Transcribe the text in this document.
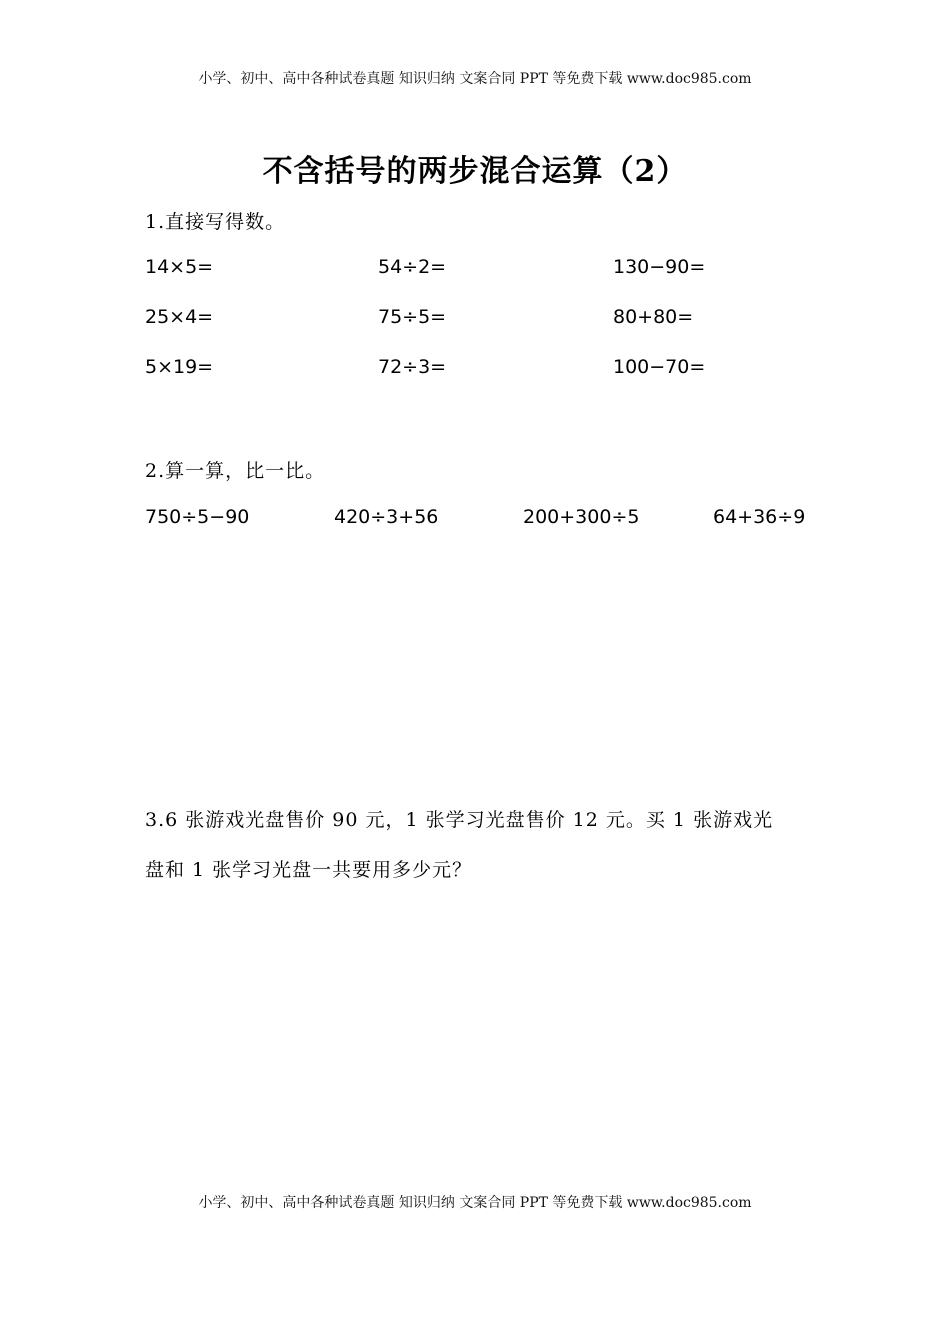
小学、初中、高中各种试卷真题 知识归纳 文案合同 PPT 等免费下载 www.doc985.com
不含括号的两步混合运算（2）
1.直接写得数。
14×5=	54÷2=	130−90=
25×4=	75÷5=	80+80=
5×19=	72÷3=	100−70=
2.算一算，比一比。
750÷5−90	420÷3+56	200+300÷5	64+36÷9
3.6 张游戏光盘售价 90 元，1 张学习光盘售价 12 元。买 1 张游戏光
盘和 1 张学习光盘一共要用多少元？
小学、初中、高中各种试卷真题 知识归纳 文案合同 PPT 等免费下载 www.doc985.com
